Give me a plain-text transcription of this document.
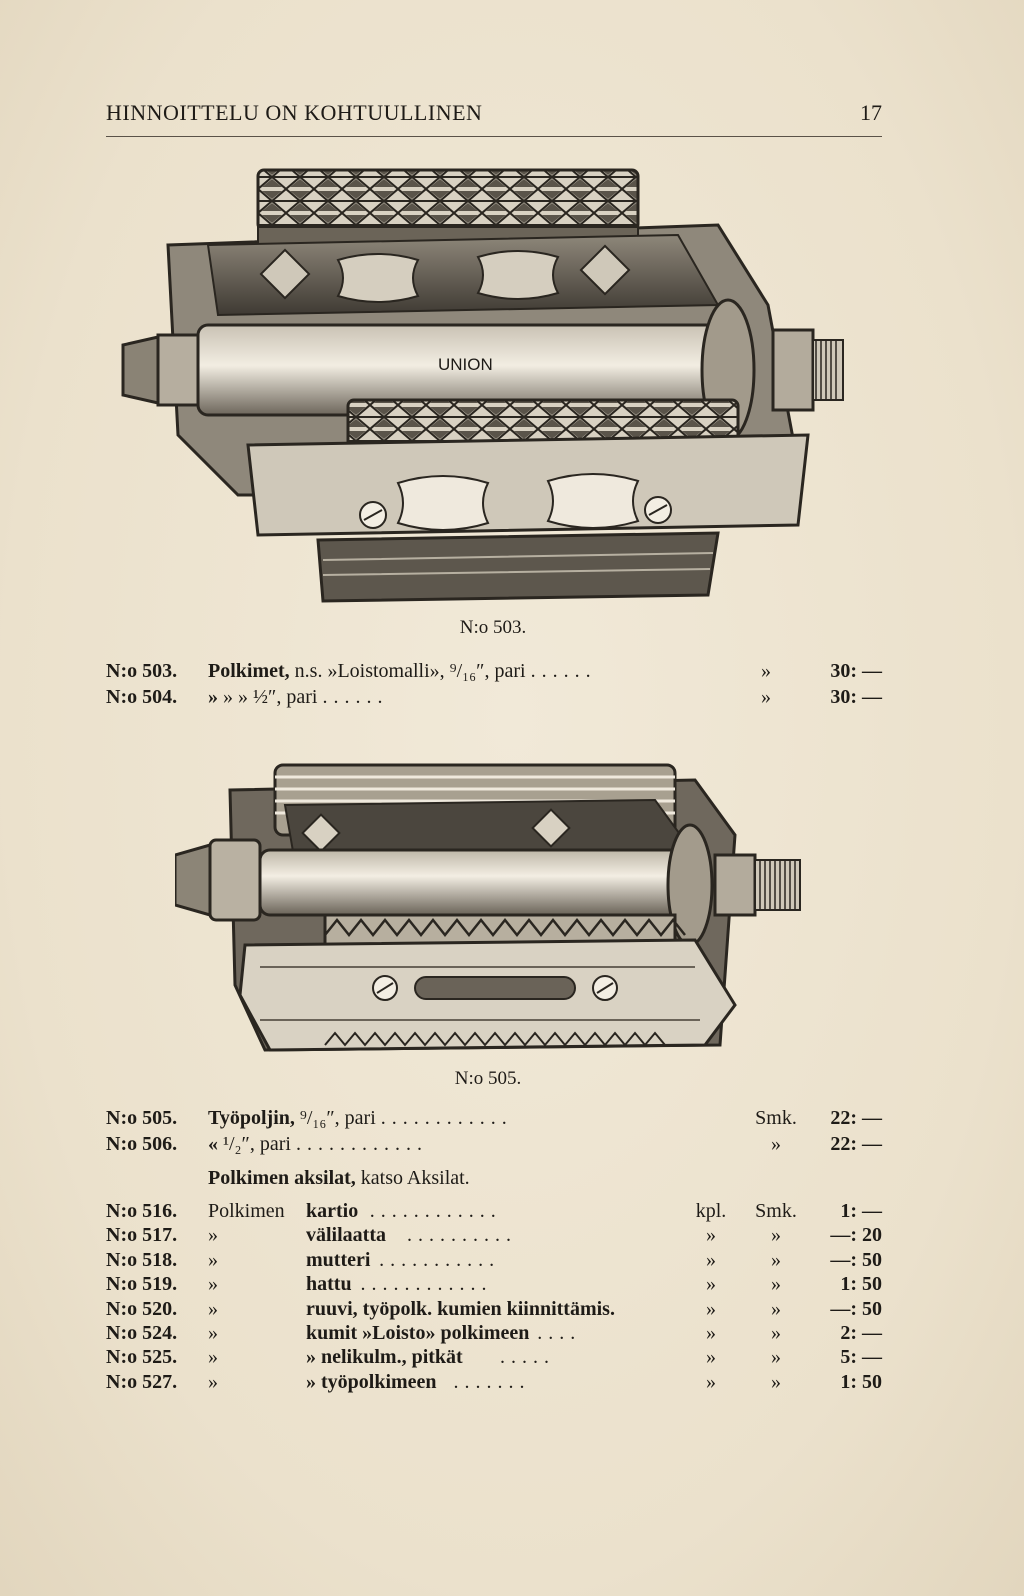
HINNOITTELU ON KOHTUULLINEN	17
UNION
N:o 503.
N:o 503. Polkimet, n.s. »Loistomalli», ⁹/₁₆″, pari ......	»	30: —
N:o 504. » » » ½″, pari ......	»	30: —
N:o 505.
N:o 505. Työpoljin, ⁹/₁₆″, pari ............	Smk.	22: —
N:o 506. « ¹/₂″, pari ............	»	22: —
Polkimen aksilat, katso Aksilat.
N:o 516. Polkimen kartio ............	kpl.	Smk.	1: —
N:o 517. »	välilaatta ..........	»	»	—: 20
N:o 518. »	mutteri ...........	»	»	—: 50
N:o 519. »	hattu ............	»	»	1: 50
N:o 520. »	ruuvi, työpolk. kumien kiinnittämis.	»	»	—: 50
N:o 524. »	kumit »Loisto» polkimeen ....	»	»	2: —
N:o 525. »	» nelikulm., pitkät .....	»	»	5: —
N:o 527. »	» työpolkimeen .......	»	»	1: 50
